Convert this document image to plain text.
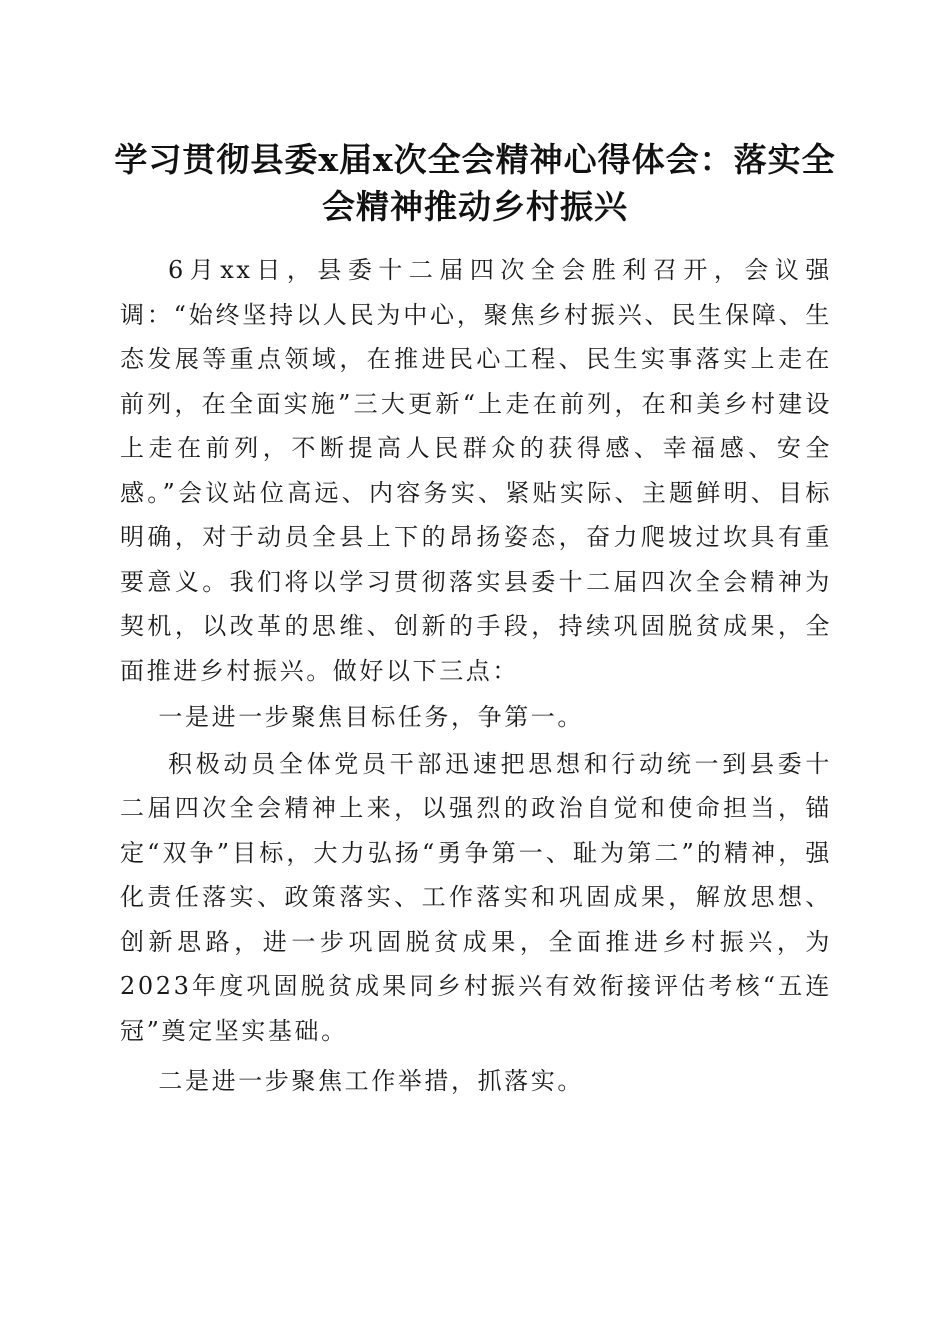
学习贯彻县委x届x次全会精神心得体会：落实全会精神推动乡村振兴

6月xx日，县委十二届四次全会胜利召开，会议强调：“始终坚持以人民为中心，聚焦乡村振兴、民生保障、生态发展等重点领域，在推进民心工程、民生实事落实上走在前列，在全面实施”三大更新“上走在前列，在和美乡村建设上走在前列，不断提高人民群众的获得感、幸福感、安全感。”会议站位高远、内容务实、紧贴实际、主题鲜明、目标明确，对于动员全县上下的昂扬姿态，奋力爬坡过坎具有重要意义。我们将以学习贯彻落实县委十二届四次全会精神为契机，以改革的思维、创新的手段，持续巩固脱贫成果，全面推进乡村振兴。做好以下三点：

一是进一步聚焦目标任务，争第一。

积极动员全体党员干部迅速把思想和行动统一到县委十二届四次全会精神上来，以强烈的政治自觉和使命担当，锚定“双争”目标，大力弘扬“勇争第一、耻为第二”的精神，强化责任落实、政策落实、工作落实和巩固成果，解放思想、创新思路，进一步巩固脱贫成果，全面推进乡村振兴，为2023年度巩固脱贫成果同乡村振兴有效衔接评估考核“五连冠”奠定坚实基础。

二是进一步聚焦工作举措，抓落实。
